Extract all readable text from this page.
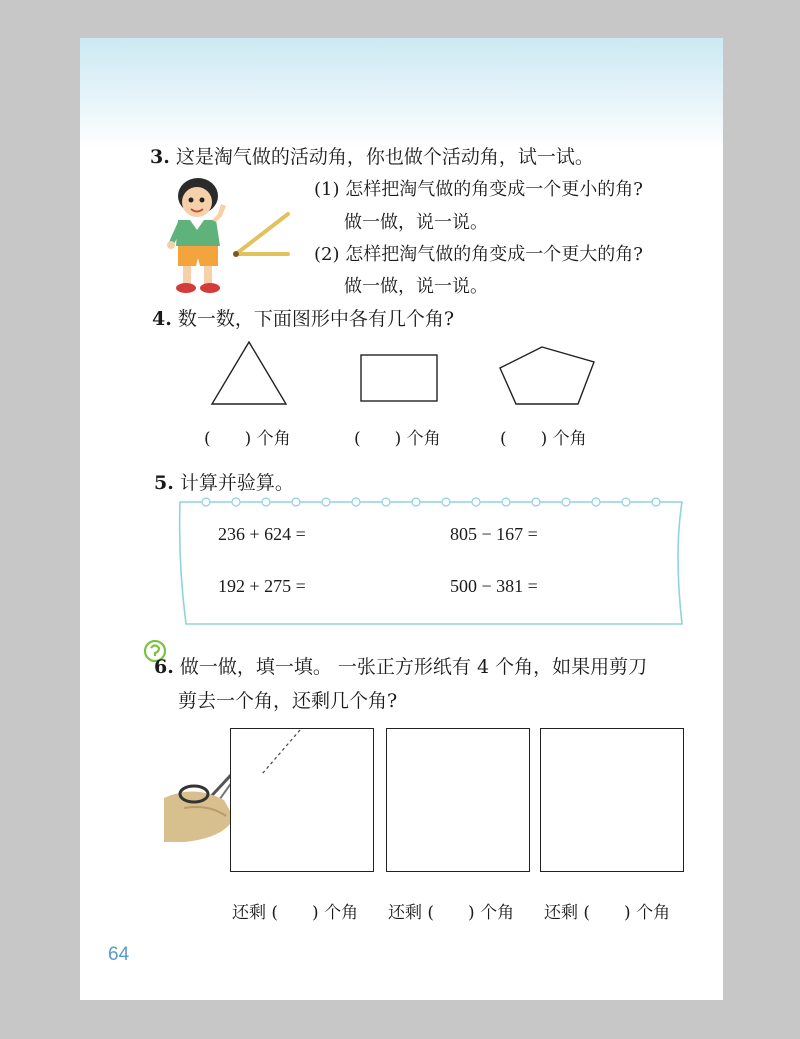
3. 这是淘气做的活动角，你也做个活动角，试一试。
(1) 怎样把淘气做的角变成一个更小的角?
做一做，说一说。
(2) 怎样把淘气做的角变成一个更大的角?
做一做，说一说。
4. 数一数，下面图形中各有几个角?
(　　) 个角	(　　) 个角	(　　) 个角
5. 计算并验算。
236 + 624 =	805 − 167 =
192 + 275 =	500 − 381 =
6. 做一做，填一填。 一张正方形纸有 4 个角，如果用剪刀
剪去一个角，还剩几个角?
还剩 (　　) 个角 还剩 (　　) 个角 还剩 (　　) 个角
64
